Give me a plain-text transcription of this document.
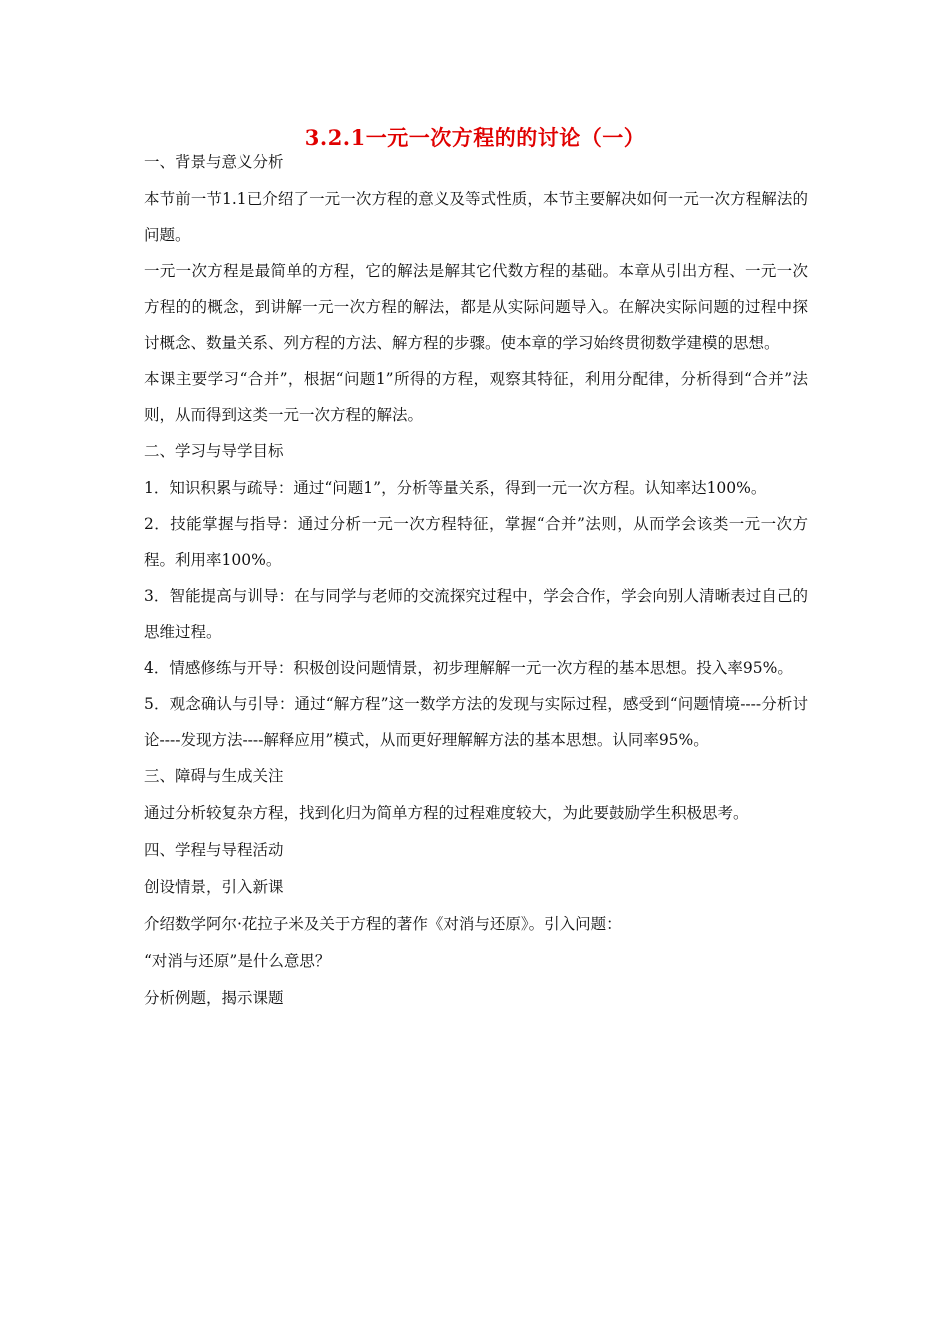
3.2.1一元一次方程的的讨论（一）

一、背景与意义分析

本节前一节1.1已介绍了一元一次方程的意义及等式性质，本节主要解决如何一元一次方程解法的问题。

一元一次方程是最简单的方程，它的解法是解其它代数方程的基础。本章从引出方程、一元一次方程的的概念，到讲解一元一次方程的解法，都是从实际问题导入。在解决实际问题的过程中探讨概念、数量关系、列方程的方法、解方程的步骤。使本章的学习始终贯彻数学建模的思想。

本课主要学习“合并”，根据“问题1”所得的方程，观察其特征，利用分配律，分析得到“合并”法则，从而得到这类一元一次方程的解法。

二、学习与导学目标

1．知识积累与疏导：通过“问题1”，分析等量关系，得到一元一次方程。认知率达100%。

2．技能掌握与指导：通过分析一元一次方程特征，掌握“合并”法则，从而学会该类一元一次方程。利用率100%。

3．智能提高与训导：在与同学与老师的交流探究过程中，学会合作，学会向别人清晰表过自己的思维过程。

4．情感修练与开导：积极创设问题情景，初步理解解一元一次方程的基本思想。投入率95%。

5．观念确认与引导：通过“解方程”这一数学方法的发现与实际过程，感受到“问题情境----分析讨论----发现方法----解释应用”模式，从而更好理解解方法的基本思想。认同率95%。

三、障碍与生成关注

通过分析较复杂方程，找到化归为简单方程的过程难度较大，为此要鼓励学生积极思考。

四、学程与导程活动

创设情景，引入新课

介绍数学阿尔·花拉子米及关于方程的著作《对消与还原》。引入问题：

“对消与还原”是什么意思？

分析例题，揭示课题
